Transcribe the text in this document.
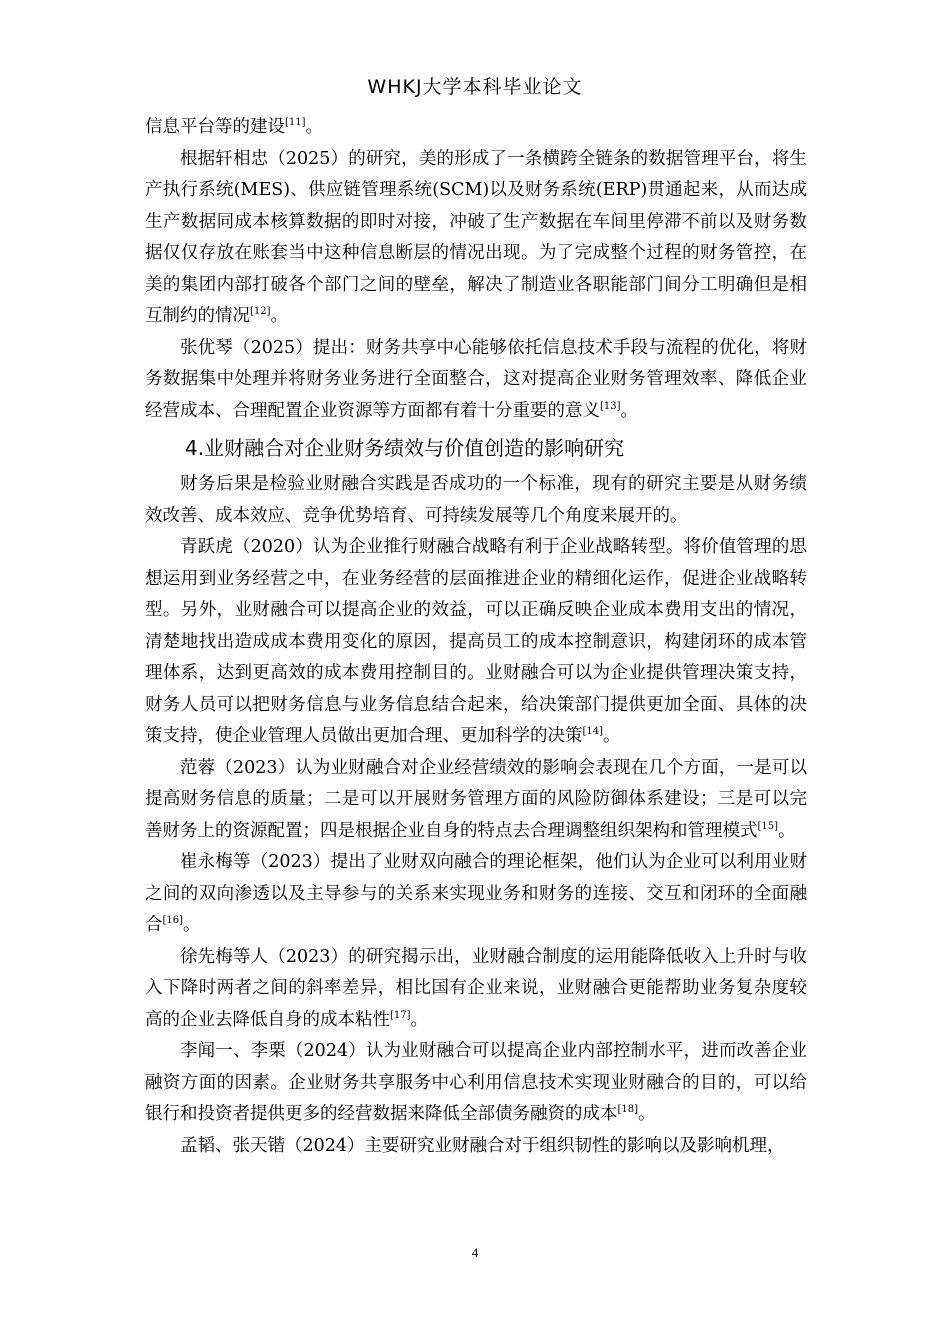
WHKJ大学本科毕业论文

信息平台等的建设[11]。

根据轩相忠（2025）的研究，美的形成了一条横跨全链条的数据管理平台，将生产执行系统(MES)、供应链管理系统(SCM)以及财务系统(ERP)贯通起来，从而达成生产数据同成本核算数据的即时对接，冲破了生产数据在车间里停滞不前以及财务数据仅仅存放在账套当中这种信息断层的情况出现。为了完成整个过程的财务管控，在美的集团内部打破各个部门之间的壁垒，解决了制造业各职能部门间分工明确但是相互制约的情况[12]。

张优琴（2025）提出：财务共享中心能够依托信息技术手段与流程的优化，将财务数据集中处理并将财务业务进行全面整合，这对提高企业财务管理效率、降低企业经营成本、合理配置企业资源等方面都有着十分重要的意义[13]。

4.业财融合对企业财务绩效与价值创造的影响研究

财务后果是检验业财融合实践是否成功的一个标准，现有的研究主要是从财务绩效改善、成本效应、竞争优势培育、可持续发展等几个角度来展开的。

青跃虎（2020）认为企业推行财融合战略有利于企业战略转型。将价值管理的思想运用到业务经营之中，在业务经营的层面推进企业的精细化运作，促进企业战略转型。另外，业财融合可以提高企业的效益，可以正确反映企业成本费用支出的情况，清楚地找出造成成本费用变化的原因，提高员工的成本控制意识，构建闭环的成本管理体系，达到更高效的成本费用控制目的。业财融合可以为企业提供管理决策支持，财务人员可以把财务信息与业务信息结合起来，给决策部门提供更加全面、具体的决策支持，使企业管理人员做出更加合理、更加科学的决策[14]。

范蓉（2023）认为业财融合对企业经营绩效的影响会表现在几个方面，一是可以提高财务信息的质量；二是可以开展财务管理方面的风险防御体系建设；三是可以完善财务上的资源配置；四是根据企业自身的特点去合理调整组织架构和管理模式[15]。

崔永梅等（2023）提出了业财双向融合的理论框架，他们认为企业可以利用业财之间的双向渗透以及主导参与的关系来实现业务和财务的连接、交互和闭环的全面融合[16]。

徐先梅等人（2023）的研究揭示出，业财融合制度的运用能降低收入上升时与收入下降时两者之间的斜率差异，相比国有企业来说，业财融合更能帮助业务复杂度较高的企业去降低自身的成本粘性[17]。

李闻一、李栗（2024）认为业财融合可以提高企业内部控制水平，进而改善企业融资方面的因素。企业财务共享服务中心利用信息技术实现业财融合的目的，可以给银行和投资者提供更多的经营数据来降低全部债务融资的成本[18]。

孟韬、张天锴（2024）主要研究业财融合对于组织韧性的影响以及影响机理，

4
